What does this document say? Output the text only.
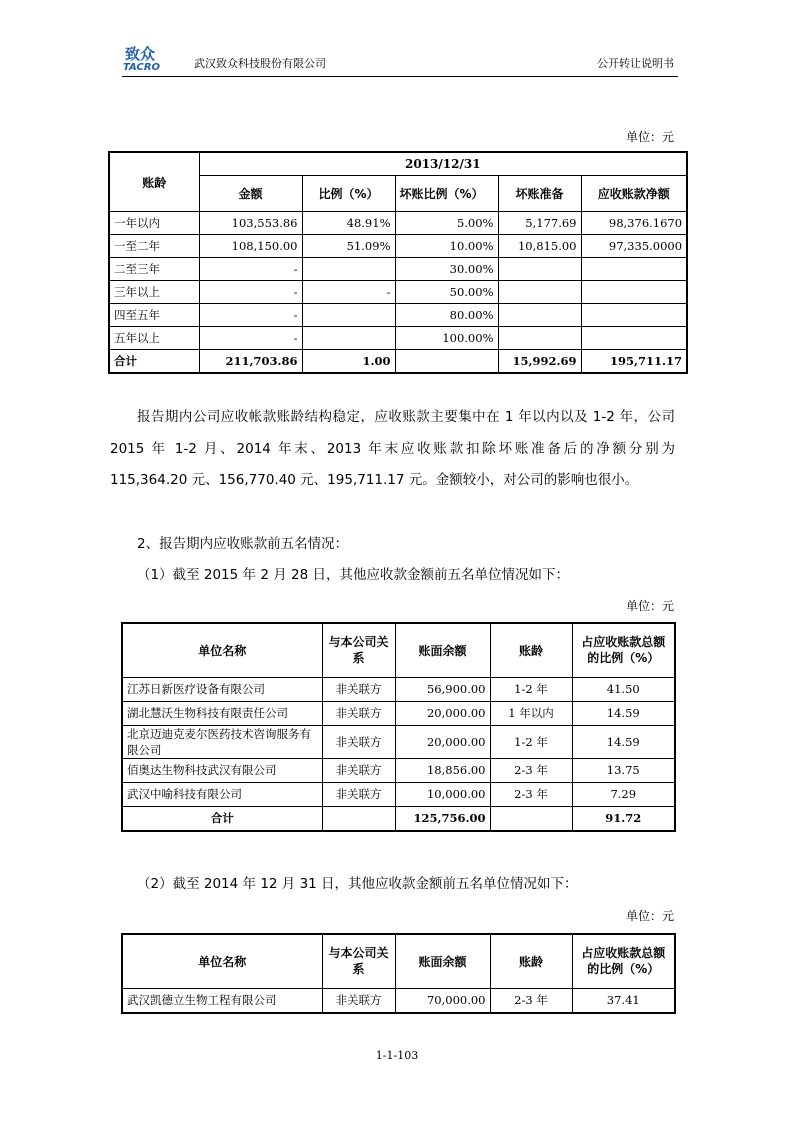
致众
TACRO	武汉致众科技股份有限公司	公开转让说明书
单位：元
账龄	2013/12/31				
	金额	比例（%）	坏账比例（%）	坏账准备	应收账款净额
一年以内	103,553.86	48.91%	5.00%	5,177.69	98,376.1670
一至二年	108,150.00	51.09%	10.00%	10,815.00	97,335.0000
二至三年	-		30.00%		
三年以上	-	-	50.00%		
四至五年	-		80.00%		
五年以上	-		100.00%		
合计	211,703.86	1.00		15,992.69	195,711.17

报告期内公司应收帐款账龄结构稳定，应收账款主要集中在 1 年以内以及 1-2 年，公司 2015 年 1-2 月、2014 年末、2013 年末应收账款扣除坏账准备后的净额分别为 115,364.20 元、156,770.40 元、195,711.17 元。金额较小，对公司的影响也很小。

2、报告期内应收账款前五名情况：

（1）截至 2015 年 2 月 28 日，其他应收款金额前五名单位情况如下：

单位：元
单位名称	与本公司关系	账面余额	账龄	占应收账款总额的比例（%）
江苏日新医疗设备有限公司	非关联方	56,900.00	1-2 年	41.50
湖北慧沃生物科技有限责任公司	非关联方	20,000.00	1 年以内	14.59
北京迈迪克麦尔医药技术咨询服务有限公司	非关联方	20,000.00	1-2 年	14.59
佰奥达生物科技武汉有限公司	非关联方	18,856.00	2-3 年	13.75
武汉中喻科技有限公司	非关联方	10,000.00	2-3 年	7.29
合计		125,756.00		91.72

（2）截至 2014 年 12 月 31 日，其他应收款金额前五名单位情况如下：

单位：元
单位名称	与本公司关系	账面余额	账龄	占应收账款总额的比例（%）
武汉凯德立生物工程有限公司	非关联方	70,000.00	2-3 年	37.41
1-1-103
